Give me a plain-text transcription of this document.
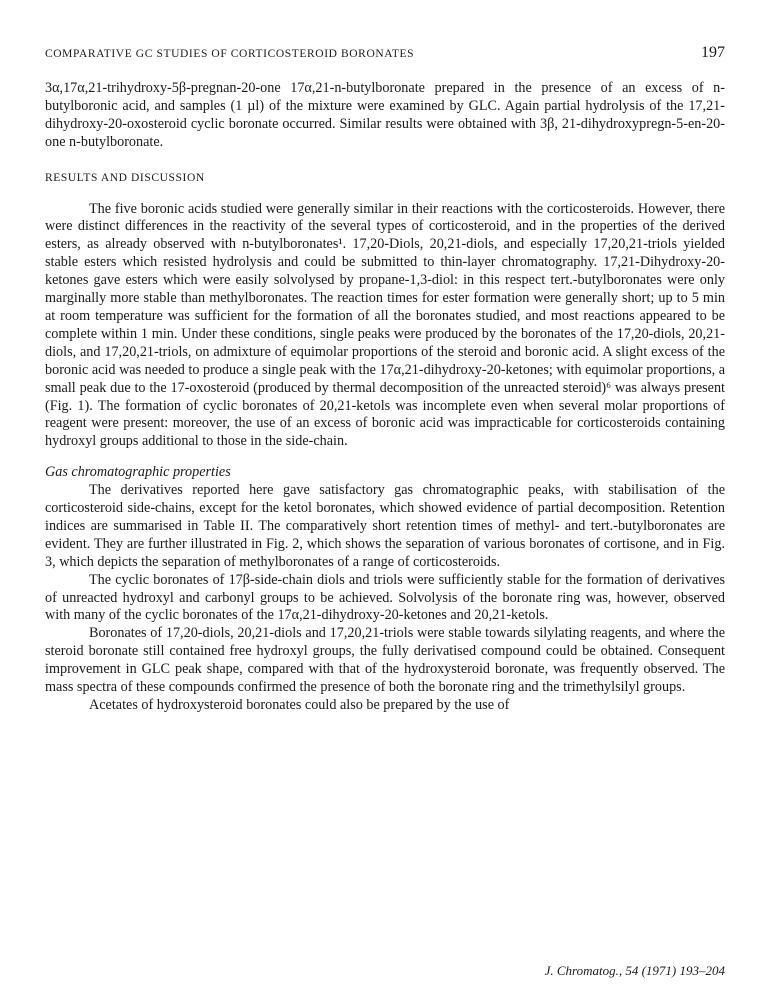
COMPARATIVE GC STUDIES OF CORTICOSTEROID BORONATES	197

3α,17α,21-trihydroxy-5β-pregnan-20-one 17α,21-n-butylboronate prepared in the presence of an excess of n-butylboronic acid, and samples (1 µl) of the mixture were examined by GLC. Again partial hydrolysis of the 17,21-dihydroxy-20-oxosteroid cyclic boronate occurred. Similar results were obtained with 3β, 21-dihydroxypregn-5-en-20-one n-butylboronate.

RESULTS AND DISCUSSION

The five boronic acids studied were generally similar in their reactions with the corticosteroids. However, there were distinct differences in the reactivity of the several types of corticosteroid, and in the properties of the derived esters, as already observed with n-butylboronates¹. 17,20-Diols, 20,21-diols, and especially 17,20,21-triols yielded stable esters which resisted hydrolysis and could be submitted to thin-layer chromatography. 17,21-Dihydroxy-20-ketones gave esters which were easily solvolysed by propane-1,3-diol: in this respect tert.-butylboronates were only marginally more stable than methylboronates. The reaction times for ester formation were generally short; up to 5 min at room temperature was sufficient for the formation of all the boronates studied, and most reactions appeared to be complete within 1 min. Under these conditions, single peaks were produced by the boronates of the 17,20-diols, 20,21-diols, and 17,20,21-triols, on admixture of equimolar proportions of the steroid and boronic acid. A slight excess of the boronic acid was needed to produce a single peak with the 17α,21-dihydroxy-20-ketones; with equimolar proportions, a small peak due to the 17-oxosteroid (produced by thermal decomposition of the unreacted steroid)⁶ was always present (Fig. 1). The formation of cyclic boronates of 20,21-ketols was incomplete even when several molar proportions of reagent were present: moreover, the use of an excess of boronic acid was impracticable for corticosteroids containing hydroxyl groups additional to those in the side-chain.

Gas chromatographic properties

The derivatives reported here gave satisfactory gas chromatographic peaks, with stabilisation of the corticosteroid side-chains, except for the ketol boronates, which showed evidence of partial decomposition. Retention indices are summarised in Table II. The comparatively short retention times of methyl- and tert.-butylboronates are evident. They are further illustrated in Fig. 2, which shows the separation of various boronates of cortisone, and in Fig. 3, which depicts the separation of methylboronates of a range of corticosteroids.

The cyclic boronates of 17β-side-chain diols and triols were sufficiently stable for the formation of derivatives of unreacted hydroxyl and carbonyl groups to be achieved. Solvolysis of the boronate ring was, however, observed with many of the cyclic boronates of the 17α,21-dihydroxy-20-ketones and 20,21-ketols.

Boronates of 17,20-diols, 20,21-diols and 17,20,21-triols were stable towards silylating reagents, and where the steroid boronate still contained free hydroxyl groups, the fully derivatised compound could be obtained. Consequent improvement in GLC peak shape, compared with that of the hydroxysteroid boronate, was frequently observed. The mass spectra of these compounds confirmed the presence of both the boronate ring and the trimethylsilyl groups.

Acetates of hydroxysteroid boronates could also be prepared by the use of

J. Chromatog., 54 (1971) 193–204
